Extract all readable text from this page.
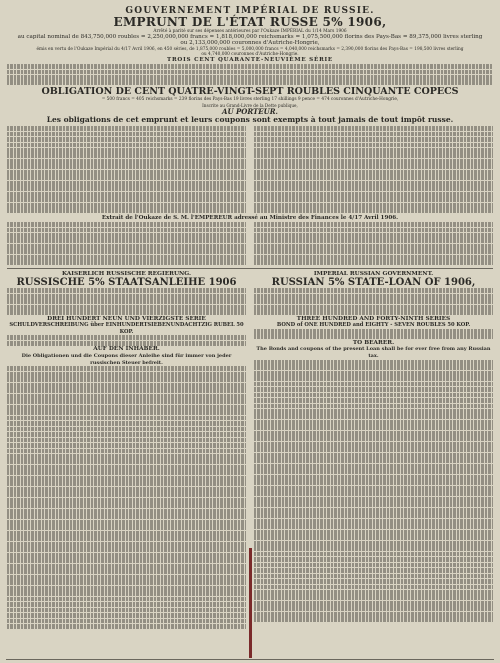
GOUVERNEMENT IMPÉRIAL DE RUSSIE.
EMPRUNT DE L'ÉTAT RUSSE 5% 1906,
Arrêté à parité sur ses dépenses antérieures par l'Oukaze IMPÉRIAL du 1/14 Mars 1906
au capital nominal de 843,750,000 roubles = 2,250,000,000 francs = 1,818,000,000 reichsmarks = 1,075,500,000 florins des Pays-Bas = 89,375,000 livres sterling
ou 2,133,000,000 couronnes d'Autriche-Hongrie,
émis en vertu de l'Oukaze Impérial du 4/17 Avril 1906, en 450 séries, de 1,875,000 roubles = 5,000,000 francs = 4,040,000 reichsmarks = 2,390,000 florins des Pays-Bas = 198,500 livres sterling
ou 4,740,000 couronnes d'Autriche-Hongrie.
TROIS CENT QUARANTE-NEUVIÈME SÉRIE
OBLIGATION DE CENT QUATRE-VINGT-SEPT ROUBLES CINQUANTE COPECS
= 500 francs = 405 reichsmarks = 239 florins des Pays-Bas 19 livres sterling 17 shillings 9 pence = 474 couronnes d'Autriche-Hongrie,
Inscrite au Grand-Livre de la Dette publique,
AU PORTEUR.
Les obligations de cet emprunt et leurs coupons sont exempts à tout jamais de tout impôt russe.
Extrait de l'Oukaze de S. M. l'EMPEREUR adressé au Ministre des Finances le 4/17 Avril 1906.
KAISERLICH RUSSISCHE REGIERUNG.
RUSSISCHE 5% STAATSANLEIHE 1906
DREI HUNDERT NEUN UND VIERZIGSTE SERIE
SCHULDVERSCHREIBUNG über EINHUNDERTSIEBENUNDACHTZIG RUBEL 50 KOP.
AUF DEN INHABER.
Die Obligationen und die Coupons dieser Anleihe sind für immer von jeder russischen Steuer befreit.
IMPERIAL RUSSIAN GOVERNMENT.
RUSSIAN 5% STATE-LOAN OF 1906,
THREE HUNDRED AND FORTY-NINTH SERIES
BOND of ONE HUNDRED and EIGHTY - SEVEN ROUBLES 50 KOP.
TO BEARER.
The Bonds and coupons of the present Loan shall be for ever free from any Russian tax.
